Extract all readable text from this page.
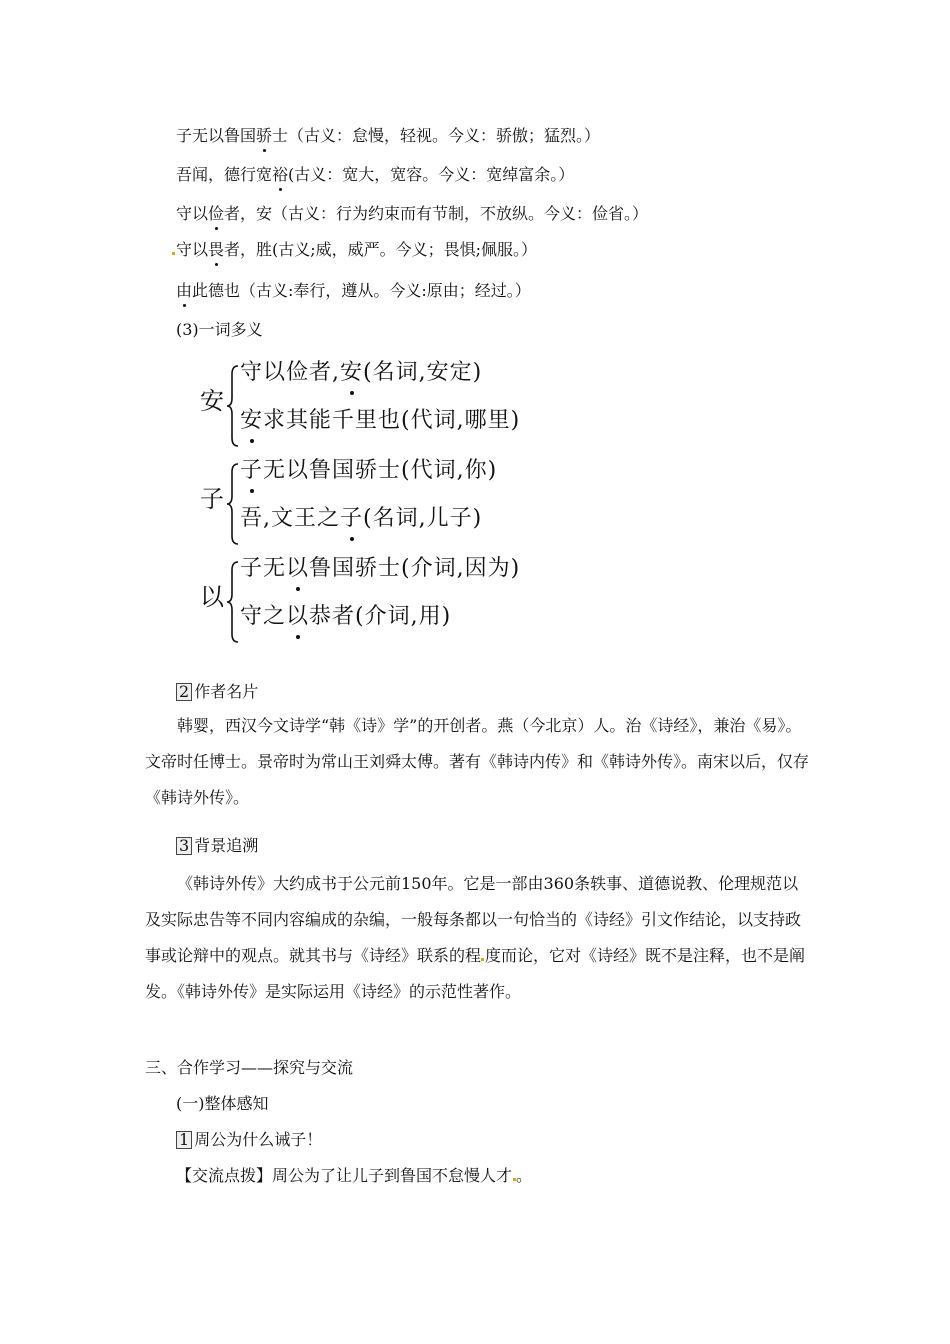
子无以鲁国骄士（古义：怠慢，轻视。今义：骄傲；猛烈。）
吾闻，德行宽裕(古义：宽大，宽容。今义：宽绰富余。）
守以俭者，安（古义：行为约束而有节制，不放纵。今义：俭省。）
守以畏者，胜(古义;威，威严。今义；畏惧;佩服。）
由此德也（古义:奉行，遵从。今义:原由；经过。）
(3)一词多义
安
守以俭者,安(名词,安定)
安求其能千里也(代词,哪里)
子
子无以鲁国骄士(代词,你)
吾,文王之子(名词,儿子)
以
子无以鲁国骄士(介词,因为)
守之以恭者(介词,用)
2 作者名片
韩婴，西汉今文诗学“韩《诗》学”的开创者。燕（今北京）人。治《诗经》，兼治《易》。文帝时任博士。景帝时为常山王刘舜太傅。著有《韩诗内传》和《韩诗外传》。南宋以后，仅存《韩诗外传》。
3 背景追溯
《韩诗外传》大约成书于公元前150年。它是一部由360条轶事、道德说教、伦理规范以及实际忠告等不同内容编成的杂编，一般每条都以一句恰当的《诗经》引文作结论，以支持政事或论辩中的观点。就其书与《诗经》联系的程 度而论，它对《诗经》既不是注释，也不是阐发。《韩诗外传》是实际运用《诗经》的示范性著作。
三、合作学习——探究与交流
(一)整体感知
1 周公为什么诫子！
【交流点拨】周公为了让儿子到鲁国不怠慢人才 。
